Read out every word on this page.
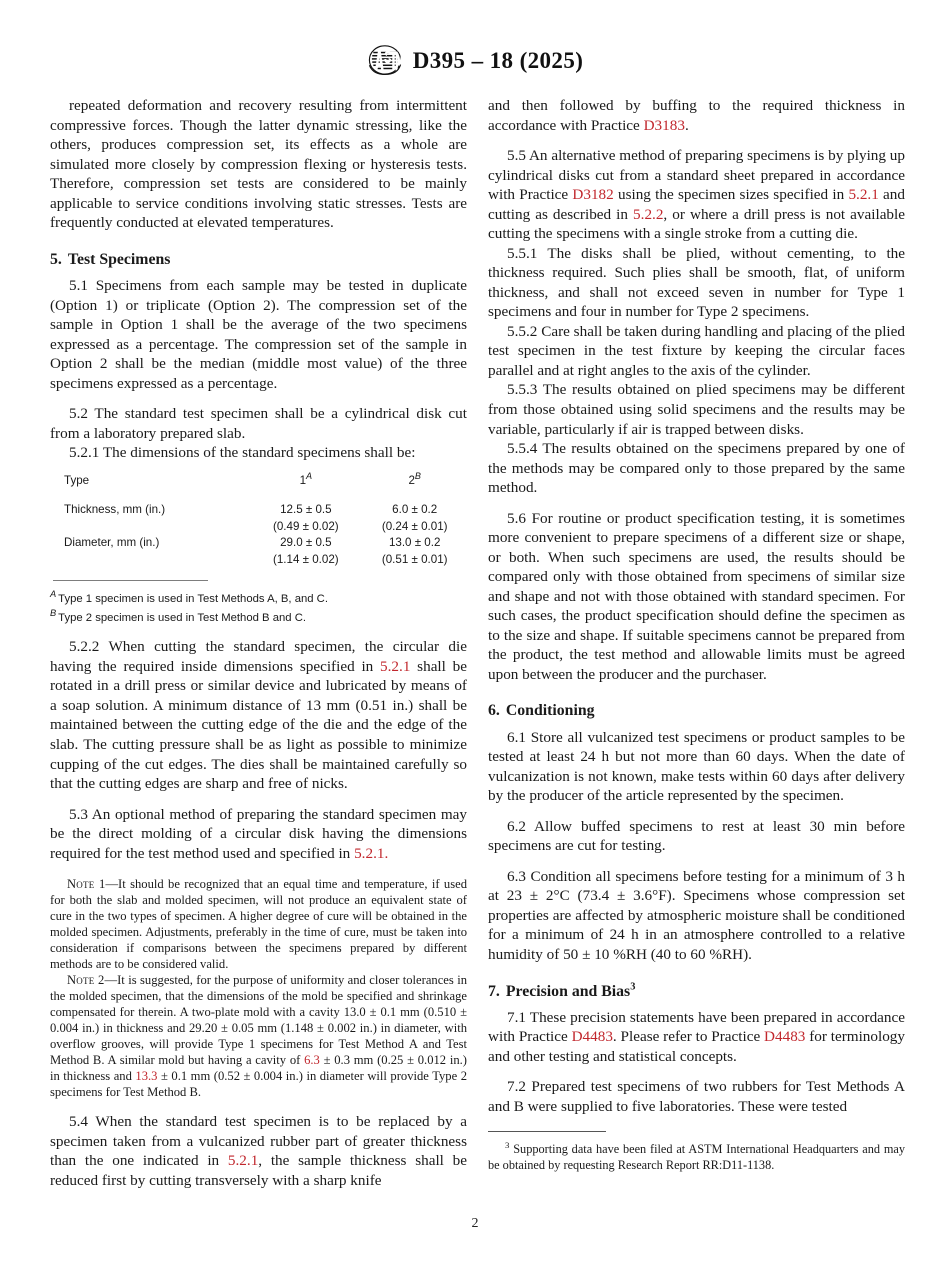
D395 – 18 (2025)

repeated deformation and recovery resulting from intermittent compressive forces. Though the latter dynamic stressing, like the others, produces compression set, its effects as a whole are simulated more closely by compression flexing or hysteresis tests. Therefore, compression set tests are considered to be mainly applicable to service conditions involving static stresses. Tests are frequently conducted at elevated temperatures.

5. Test Specimens

5.1 Specimens from each sample may be tested in duplicate (Option 1) or triplicate (Option 2). The compression set of the sample in Option 1 shall be the average of the two specimens expressed as a percentage. The compression set of the sample in Option 2 shall be the median (middle most value) of the three specimens expressed as a percentage.

5.2 The standard test specimen shall be a cylindrical disk cut from a laboratory prepared slab.

5.2.1 The dimensions of the standard specimens shall be:

Type	$1^A$	$2^B$
Thickness, mm (in.)	12.5 ± 0.5	6.0 ± 0.2
	(0.49 ± 0.02)	(0.24 ± 0.01)
Diameter, mm (in.)	29.0 ± 0.5	13.0 ± 0.2
	(1.14 ± 0.02)	(0.51 ± 0.01)
$^A$ Type 1 specimen is used in Test Methods A, B, and C.
$^B$ Type 2 specimen is used in Test Method B and C.

5.2.2 When cutting the standard specimen, the circular die having the required inside dimensions specified in 5.2.1 shall be rotated in a drill press or similar device and lubricated by means of a soap solution. A minimum distance of 13 mm (0.51 in.) shall be maintained between the cutting edge of the die and the edge of the slab. The cutting pressure shall be as light as possible to minimize cupping of the cut edges. The dies shall be maintained carefully so that the cutting edges are sharp and free of nicks.

5.3 An optional method of preparing the standard specimen may be the direct molding of a circular disk having the dimensions required for the test method used and specified in 5.2.1.

Note 1—It should be recognized that an equal time and temperature, if used for both the slab and molded specimen, will not produce an equivalent state of cure in the two types of specimen. A higher degree of cure will be obtained in the molded specimen. Adjustments, preferably in the time of cure, must be taken into consideration if comparisons between the specimens prepared by different methods are to be considered valid.

Note 2—It is suggested, for the purpose of uniformity and closer tolerances in the molded specimen, that the dimensions of the mold be specified and shrinkage compensated for therein. A two-plate mold with a cavity 13.0 ± 0.1 mm (0.510 ± 0.004 in.) in thickness and 29.20 ± 0.05 mm (1.148 ± 0.002 in.) in diameter, with overflow grooves, will provide Type 1 specimens for Test Method A and Test Method B. A similar mold but having a cavity of 6.3 ± 0.3 mm (0.25 ± 0.012 in.) in thickness and 13.3 ± 0.1 mm (0.52 ± 0.004 in.) in diameter will provide Type 2 specimens for Test Method B.

5.4 When the standard test specimen is to be replaced by a specimen taken from a vulcanized rubber part of greater thickness than the one indicated in 5.2.1, the sample thickness shall be reduced first by cutting transversely with a sharp knife

and then followed by buffing to the required thickness in accordance with Practice D3183.

5.5 An alternative method of preparing specimens is by plying up cylindrical disks cut from a standard sheet prepared in accordance with Practice D3182 using the specimen sizes specified in 5.2.1 and cutting as described in 5.2.2, or where a drill press is not available cutting the specimens with a single stroke from a cutting die.

5.5.1 The disks shall be plied, without cementing, to the thickness required. Such plies shall be smooth, flat, of uniform thickness, and shall not exceed seven in number for Type 1 specimens and four in number for Type 2 specimens.

5.5.2 Care shall be taken during handling and placing of the plied test specimen in the test fixture by keeping the circular faces parallel and at right angles to the axis of the cylinder.

5.5.3 The results obtained on plied specimens may be different from those obtained using solid specimens and the results may be variable, particularly if air is trapped between disks.

5.5.4 The results obtained on the specimens prepared by one of the methods may be compared only to those prepared by the same method.

5.6 For routine or product specification testing, it is sometimes more convenient to prepare specimens of a different size or shape, or both. When such specimens are used, the results should be compared only with those obtained from specimens of similar size and shape and not with those obtained with standard specimen. For such cases, the product specification should define the specimen as to the size and shape. If suitable specimens cannot be prepared from the product, the test method and allowable limits must be agreed upon between the producer and the purchaser.

6. Conditioning

6.1 Store all vulcanized test specimens or product samples to be tested at least 24 h but not more than 60 days. When the date of vulcanization is not known, make tests within 60 days after delivery by the producer of the article represented by the specimen.

6.2 Allow buffed specimens to rest at least 30 min before specimens are cut for testing.

6.3 Condition all specimens before testing for a minimum of 3 h at 23 ± 2°C (73.4 ± 3.6°F). Specimens whose compression set properties are affected by atmospheric moisture shall be conditioned for a minimum of 24 h in an atmosphere controlled to a relative humidity of 50 ± 10 %RH (40 to 60 %RH).

7. Precision and Bias$^3$

7.1 These precision statements have been prepared in accordance with Practice D4483. Please refer to Practice D4483 for terminology and other testing and statistical concepts.

7.2 Prepared test specimens of two rubbers for Test Methods A and B were supplied to five laboratories. These were tested

$^3$ Supporting data have been filed at ASTM International Headquarters and may be obtained by requesting Research Report RR:D11-1138.

2
